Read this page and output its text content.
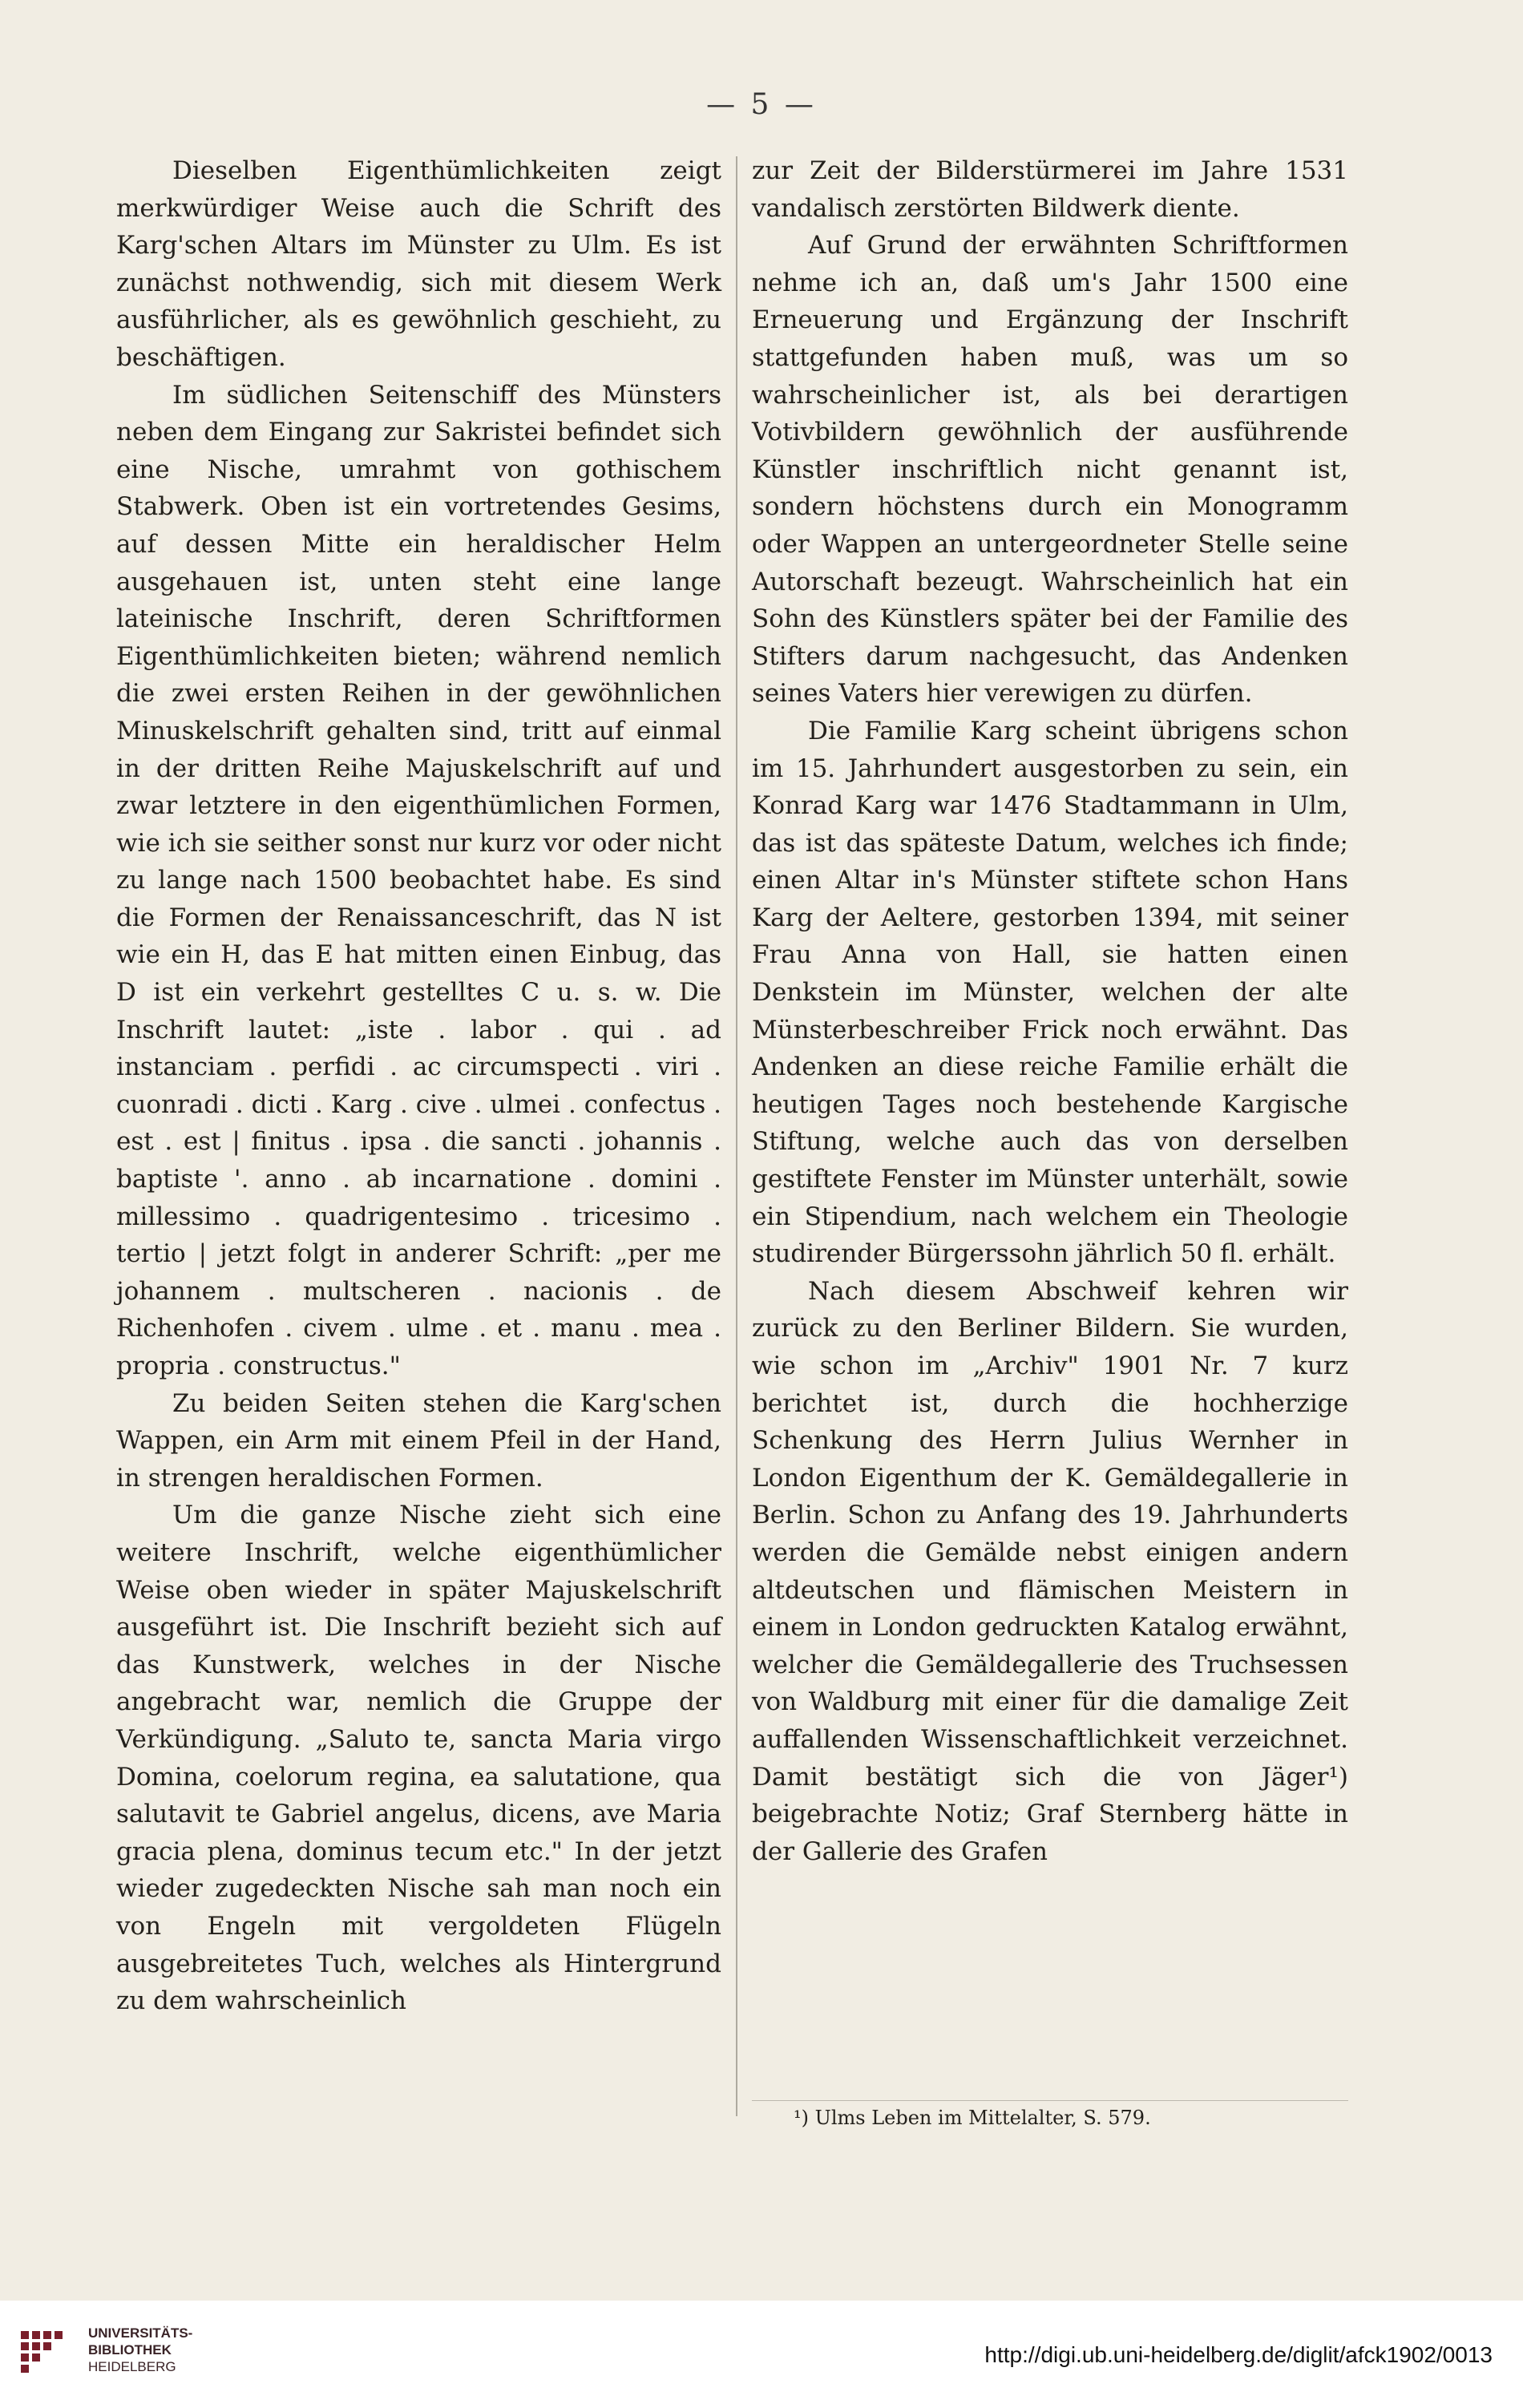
— 5 —

Dieselben Eigenthümlichkeiten zeigt merkwürdiger Weise auch die Schrift des Karg'schen Altars im Münster zu Ulm. Es ist zunächst nothwendig, sich mit diesem Werk ausführlicher, als es gewöhnlich geschieht, zu beschäftigen.

Im südlichen Seitenschiff des Münsters neben dem Eingang zur Sakristei befindet sich eine Nische, umrahmt von gothischem Stabwerk. Oben ist ein vortretendes Gesims, auf dessen Mitte ein heraldischer Helm ausgehauen ist, unten steht eine lange lateinische Inschrift, deren Schriftformen Eigenthümlichkeiten bieten; während nemlich die zwei ersten Reihen in der gewöhnlichen Minuskelschrift gehalten sind, tritt auf einmal in der dritten Reihe Majuskelschrift auf und zwar letztere in den eigenthümlichen Formen, wie ich sie seither sonst nur kurz vor oder nicht zu lange nach 1500 beobachtet habe. Es sind die Formen der Renaissanceschrift, das N ist wie ein H, das E hat mitten einen Einbug, das D ist ein verkehrt gestelltes C u. s. w. Die Inschrift lautet: „iste . labor . qui . ad instanciam . perfidi . ac circumspecti . viri . cuonradi . dicti . Karg . cive . ulmei . confectus . est . est | finitus . ipsa . die sancti . johannis . baptiste '. anno . ab incarnatione . domini . millessimo . quadrigentesimo . tricesimo . tertio | jetzt folgt in anderer Schrift: „per me johannem . multscheren . nacionis . de Richenhofen . civem . ulme . et . manu . mea . propria . constructus."

Zu beiden Seiten stehen die Karg'schen Wappen, ein Arm mit einem Pfeil in der Hand, in strengen heraldischen Formen.

Um die ganze Nische zieht sich eine weitere Inschrift, welche eigenthümlicher Weise oben wieder in später Majuskelschrift ausgeführt ist. Die Inschrift bezieht sich auf das Kunstwerk, welches in der Nische angebracht war, nemlich die Gruppe der Verkündigung. „Saluto te, sancta Maria virgo Domina, coelorum regina, ea salutatione, qua salutavit te Gabriel angelus, dicens, ave Maria gracia plena, dominus tecum etc." In der jetzt wieder zugedeckten Nische sah man noch ein von Engeln mit vergoldeten Flügeln ausgebreitetes Tuch, welches als Hintergrund zu dem wahrscheinlich

zur Zeit der Bilderstürmerei im Jahre 1531 vandalisch zerstörten Bildwerk diente.

Auf Grund der erwähnten Schriftformen nehme ich an, daß um's Jahr 1500 eine Erneuerung und Ergänzung der Inschrift stattgefunden haben muß, was um so wahrscheinlicher ist, als bei derartigen Votivbildern gewöhnlich der ausführende Künstler inschriftlich nicht genannt ist, sondern höchstens durch ein Monogramm oder Wappen an untergeordneter Stelle seine Autorschaft bezeugt. Wahrscheinlich hat ein Sohn des Künstlers später bei der Familie des Stifters darum nachgesucht, das Andenken seines Vaters hier verewigen zu dürfen.

Die Familie Karg scheint übrigens schon im 15. Jahrhundert ausgestorben zu sein, ein Konrad Karg war 1476 Stadtammann in Ulm, das ist das späteste Datum, welches ich finde; einen Altar in's Münster stiftete schon Hans Karg der Aeltere, gestorben 1394, mit seiner Frau Anna von Hall, sie hatten einen Denkstein im Münster, welchen der alte Münsterbeschreiber Frick noch erwähnt. Das Andenken an diese reiche Familie erhält die heutigen Tages noch bestehende Kargische Stiftung, welche auch das von derselben gestiftete Fenster im Münster unterhält, sowie ein Stipendium, nach welchem ein Theologie studirender Bürgerssohn jährlich 50 fl. erhält.

Nach diesem Abschweif kehren wir zurück zu den Berliner Bildern. Sie wurden, wie schon im „Archiv" 1901 Nr. 7 kurz berichtet ist, durch die hochherzige Schenkung des Herrn Julius Wernher in London Eigenthum der K. Gemäldegallerie in Berlin. Schon zu Anfang des 19. Jahrhunderts werden die Gemälde nebst einigen andern altdeutschen und flämischen Meistern in einem in London gedruckten Katalog erwähnt, welcher die Gemäldegallerie des Truchsessen von Waldburg mit einer für die damalige Zeit auffallenden Wissenschaftlichkeit verzeichnet. Damit bestätigt sich die von Jäger¹) beigebrachte Notiz; Graf Sternberg hätte in der Gallerie des Grafen

¹) Ulms Leben im Mittelalter, S. 579.
UNIVERSITÄTS-
BIBLIOTHEK
HEIDELBERG	http://digi.ub.uni-heidelberg.de/diglit/afck1902/0013
